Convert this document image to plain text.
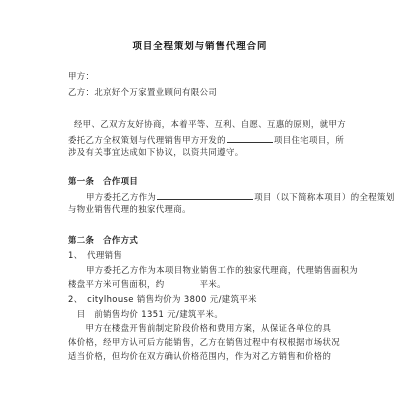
项目全程策划与销售代理合同
甲方：
乙方：北京好个万家置业顾问有限公司
经甲、乙双方友好协商，本着平等、互利、自愿、互惠的原则，就甲方
委托乙方全权策划与代理销售甲方开发的	项目住宅项目，所
涉及有关事宜达成如下协议，以资共同遵守。
第一条　合作项目
甲方委托乙方作为	项目（以下简称本项目）的全程策划
与物业销售代理的独家代理商。
第二条　合作方式
1、　代理销售
甲方委托乙方作为本项目物业销售工作的独家代理商，代理销售面积为
楼盘平方米可售面积，约　　　　平米。
2、　citylhouse 销售均价为 3800 元/建筑平米
　目　前销售均价 1351 元/建筑平米。
　　甲方在楼盘开售前制定阶段价格和费用方案，从保证各单位的具
体价格，经甲方认可后方能销售，乙方在销售过程中有权根据市场状况
适当价格，但均价在双方确认价格范围内，作为对乙方销售和价格的
